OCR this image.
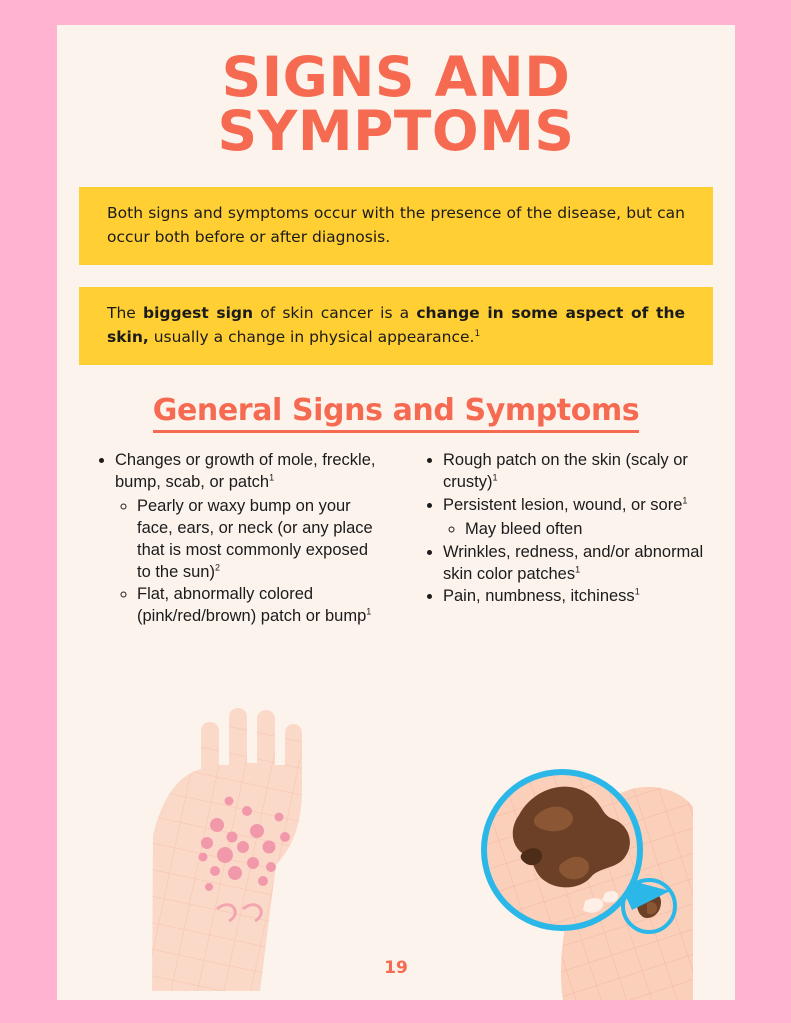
SIGNS AND SYMPTOMS
Both signs and symptoms occur with the presence of the disease, but can occur both before or after diagnosis.
The biggest sign of skin cancer is a change in some aspect of the skin, usually a change in physical appearance.$^1$
General Signs and Symptoms
• Changes or growth of mole, freckle, bump, scab, or patch$^1$
◦ Pearly or waxy bump on your face, ears, or neck (or any place that is most commonly exposed to the sun)$^2$
◦ Flat, abnormally colored (pink/red/brown) patch or bump$^1$
• Rough patch on the skin (scaly or crusty)$^1$
• Persistent lesion, wound, or sore$^1$
◦ May bleed often
• Wrinkles, redness, and/or abnormal skin color patches$^1$
• Pain, numbness, itchiness$^1$
19
